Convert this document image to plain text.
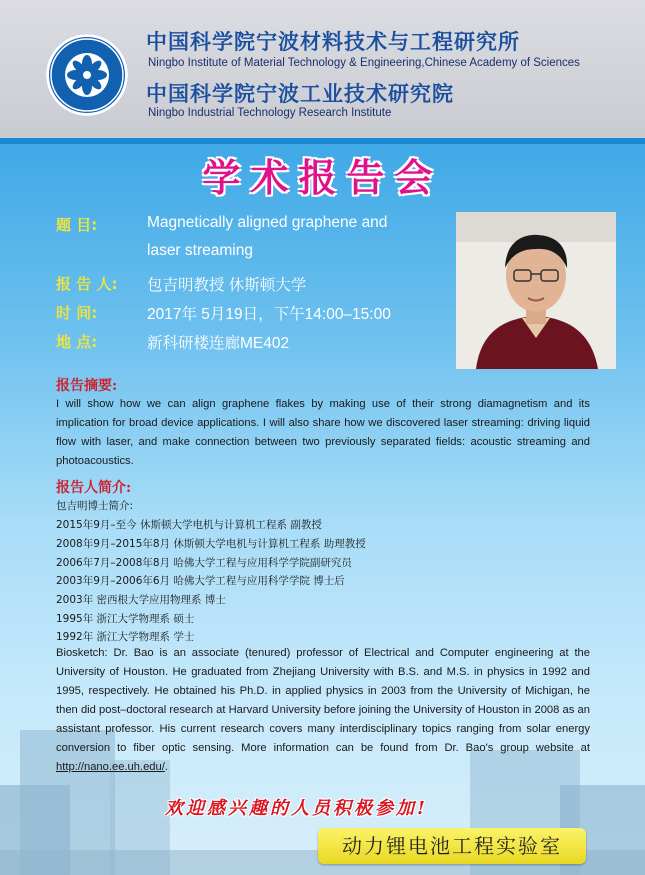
中国科学院宁波材料技术与工程研究所
Ningbo Institute of Material Technology & Engineering,Chinese Academy of Sciences
中国科学院宁波工业技术研究院
Ningbo Industrial Technology Research Institute
学术报告会
题 目:	Magnetically aligned graphene and
laser streaming
报 告 人: 包吉明教授 休斯顿大学
时 间:	2017年 5月19日，下午14:00–15:00
地 点:	新科研楼连廊ME402
报告摘要:
I will show how we can align graphene flakes by making use of their strong diamagnetism and its implication for broad device applications. I will also share how we discovered laser streaming: driving liquid flow with laser, and make connection between two previously separated fields: acoustic streaming and photoacoustics.
报告人简介:
包吉明博士简介:
2015年9月–至今 休斯顿大学电机与计算机工程系 副教授
2008年9月–2015年8月 休斯顿大学电机与计算机工程系 助理教授
2006年7月–2008年8月 哈佛大学工程与应用科学学院副研究员
2003年9月–2006年6月 哈佛大学工程与应用科学学院 博士后
2003年 密西根大学应用物理系 博士
1995年 浙江大学物理系 硕士
1992年 浙江大学物理系 学士
Biosketch: Dr. Bao is an associate (tenured) professor of Electrical and Computer engineering at the University of Houston. He graduated from Zhejiang University with B.S. and M.S. in physics in 1992 and 1995, respectively. He obtained his Ph.D. in applied physics in 2003 from the University of Michigan, he then did post–doctoral research at Harvard University before joining the University of Houston in 2008 as an assistant professor. His current research covers many interdisciplinary topics ranging from solar energy conversion to fiber optic sensing. More information can be found from Dr. Bao's group website at http://nano.ee.uh.edu/.
欢迎感兴趣的人员积极参加!
动力锂电池工程实验室
